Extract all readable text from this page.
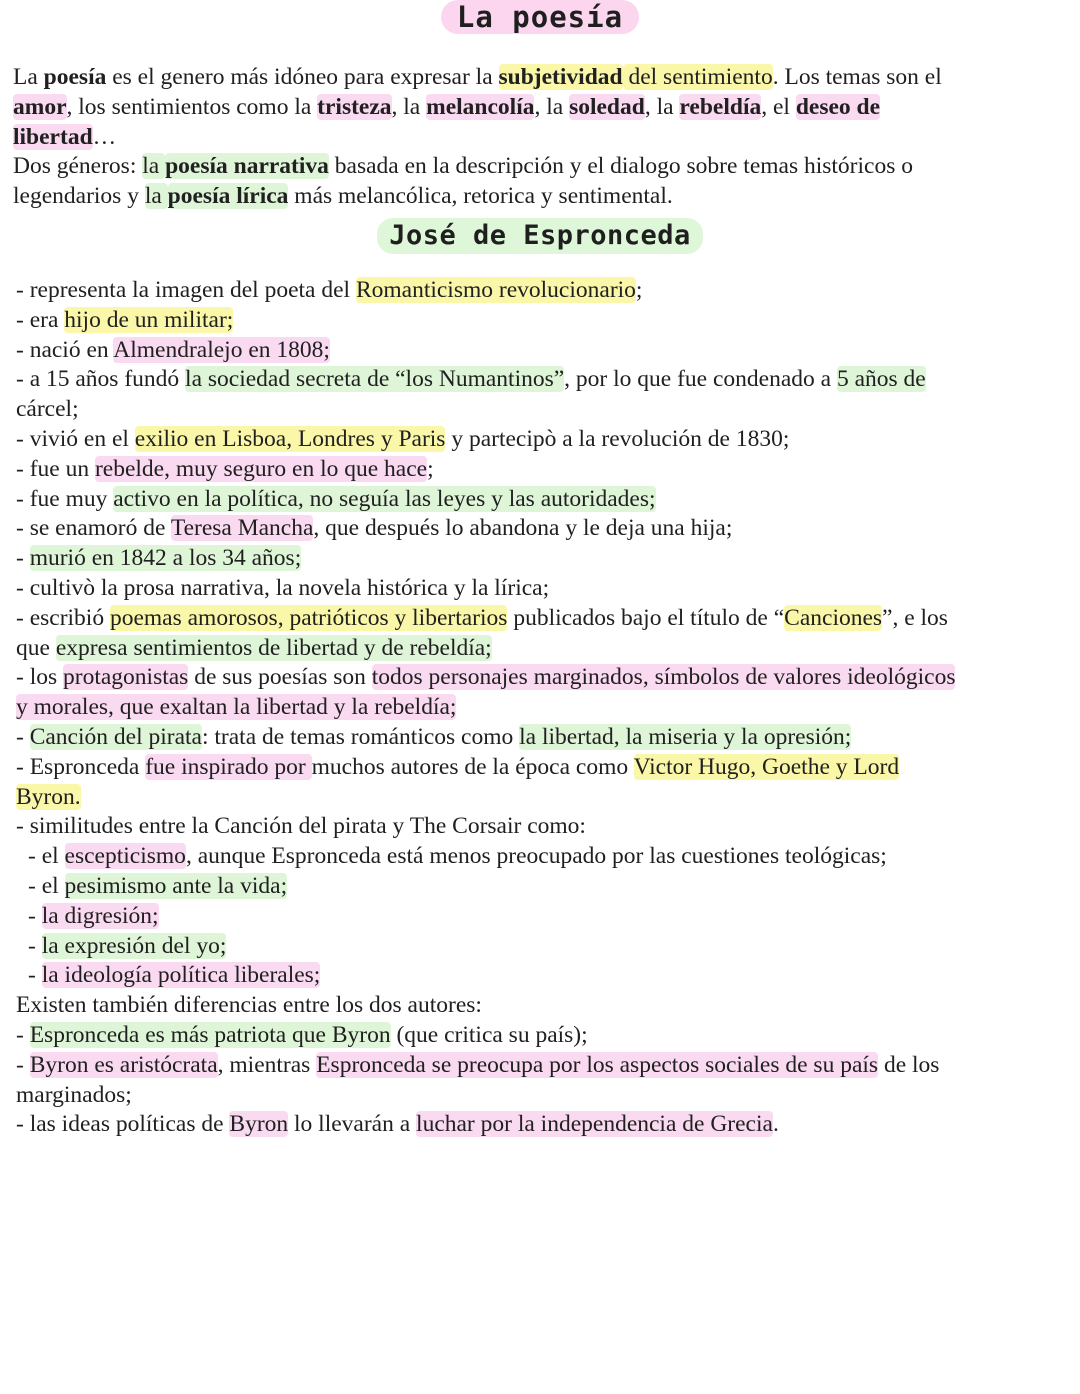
La poesía
La poesía es el genero más idóneo para expresar la subjetividad del sentimiento. Los temas son el
amor, los sentimientos como la tristeza, la melancolía, la soledad, la rebeldía, el deseo de
libertad…
Dos géneros: la poesía narrativa basada en la descripción y el dialogo sobre temas históricos o
legendarios y la poesía lírica más melancólica, retorica y sentimental.
José de Espronceda
- representa la imagen del poeta del Romanticismo revolucionario;
- era hijo de un militar;
- nació en Almendralejo en 1808;
- a 15 años fundó la sociedad secreta de “los Numantinos”, por lo que fue condenado a 5 años de
cárcel;
- vivió en el exilio en Lisboa, Londres y Paris y partecipò a la revolución de 1830;
- fue un rebelde, muy seguro en lo que hace;
- fue muy activo en la política, no seguía las leyes y las autoridades;
- se enamoró de Teresa Mancha, que después lo abandona y le deja una hija;
- murió en 1842 a los 34 años;
- cultivò la prosa narrativa, la novela histórica y la lírica;
- escribió poemas amorosos, patrióticos y libertarios publicados bajo el título de “Canciones”, e los
que expresa sentimientos de libertad y de rebeldía;
- los protagonistas de sus poesías son todos personajes marginados, símbolos de valores ideológicos
y morales, que exaltan la libertad y la rebeldía;
- Canción del pirata: trata de temas románticos como la libertad, la miseria y la opresión;
- Espronceda fue inspirado por muchos autores de la época como Victor Hugo, Goethe y Lord
Byron.
- similitudes entre la Canción del pirata y The Corsair como:
- el escepticismo, aunque Espronceda está menos preocupado por las cuestiones teológicas;
- el pesimismo ante la vida;
- la digresión;
- la expresión del yo;
- la ideología política liberales;
Existen también diferencias entre los dos autores:
- Espronceda es más patriota que Byron (que critica su país);
- Byron es aristócrata, mientras Espronceda se preocupa por los aspectos sociales de su país de los
marginados;
- las ideas políticas de Byron lo llevarán a luchar por la independencia de Grecia.
